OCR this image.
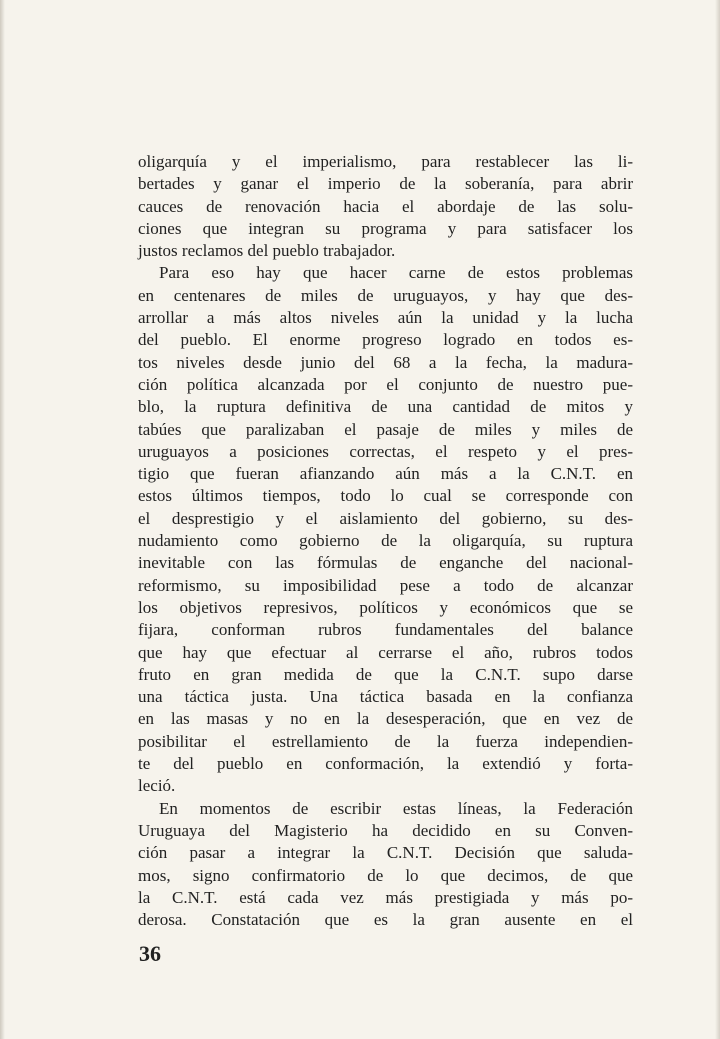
oligarquía y el imperialismo, para restablecer las li-
bertades y ganar el imperio de la soberanía, para abrir
cauces de renovación hacia el abordaje de las solu-
ciones que integran su programa y para satisfacer los
justos reclamos del pueblo trabajador.
Para eso hay que hacer carne de estos problemas
en centenares de miles de uruguayos, y hay que des-
arrollar a más altos niveles aún la unidad y la lucha
del pueblo. El enorme progreso logrado en todos es-
tos niveles desde junio del 68 a la fecha, la madura-
ción política alcanzada por el conjunto de nuestro pue-
blo, la ruptura definitiva de una cantidad de mitos y
tabúes que paralizaban el pasaje de miles y miles de
uruguayos a posiciones correctas, el respeto y el pres-
tigio que fueran afianzando aún más a la C.N.T. en
estos últimos tiempos, todo lo cual se corresponde con
el desprestigio y el aislamiento del gobierno, su des-
nudamiento como gobierno de la oligarquía, su ruptura
inevitable con las fórmulas de enganche del nacional-
reformismo, su imposibilidad pese a todo de alcanzar
los objetivos represivos, políticos y económicos que se
fijara, conforman rubros fundamentales del balance
que hay que efectuar al cerrarse el año, rubros todos
fruto en gran medida de que la C.N.T. supo darse
una táctica justa. Una táctica basada en la confianza
en las masas y no en la desesperación, que en vez de
posibilitar el estrellamiento de la fuerza independien-
te del pueblo en conformación, la extendió y forta-
leció.
En momentos de escribir estas líneas, la Federación
Uruguaya del Magisterio ha decidido en su Conven-
ción pasar a integrar la C.N.T. Decisión que saluda-
mos, signo confirmatorio de lo que decimos, de que
la C.N.T. está cada vez más prestigiada y más po-
derosa. Constatación que es la gran ausente en el
36
